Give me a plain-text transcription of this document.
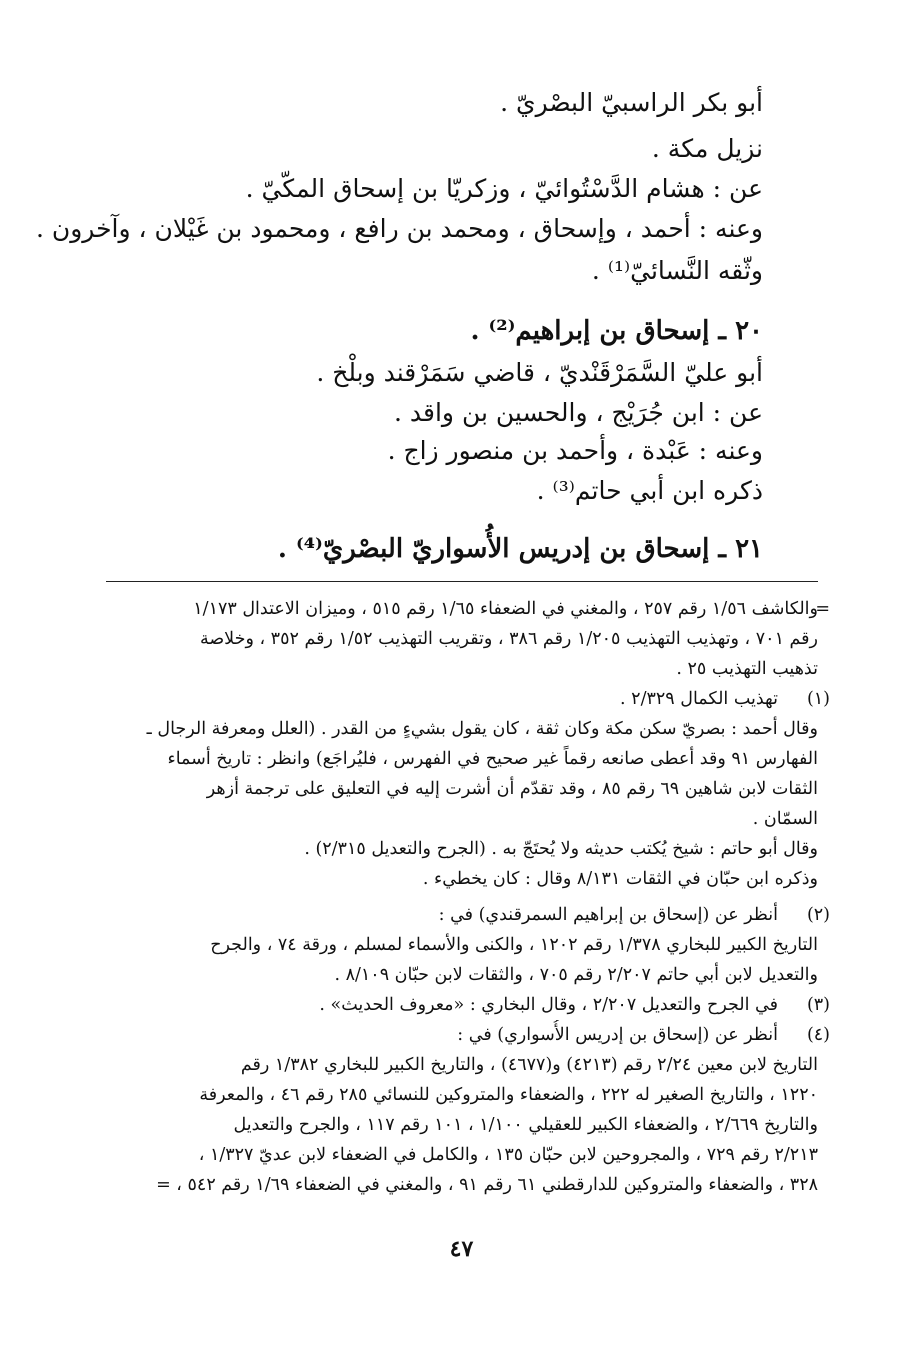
أبو بكر الراسبيّ البصْريّ .
نزيل مكة .
عن : هشام الدَّسْتُوائيّ ، وزكريّا بن إسحاق المكّيّ .
وعنه : أحمد ، وإسحاق ، ومحمد بن رافع ، ومحمود بن غَيْلان ، وآخرون .
وثّقه النَّسائيّ⁽¹⁾ .
٢٠ ـ إسحاق بن إبراهيم⁽²⁾ .
أبو عليّ السَّمَرْقَنْديّ ، قاضي سَمَرْقند وبلْخ .
عن : ابن جُرَيْج ، والحسين بن واقد .
وعنه : عَبْدة ، وأحمد بن منصور زاج .
ذكره ابن أبي حاتم⁽³⁾ .
٢١ ـ إسحاق بن إدريس الأُسواريّ البصْريّ⁽⁴⁾ .
=
والكاشف ١/٥٦ رقم ٢٥٧ ، والمغني في الضعفاء ١/٦٥ رقم ٥١٥ ، وميزان الاعتدال ١/١٧٣
رقم ٧٠١ ، وتهذيب التهذيب ١/٢٠٥ رقم ٣٨٦ ، وتقريب التهذيب ١/٥٢ رقم ٣٥٢ ، وخلاصة
تذهيب التهذيب ٢٥ .
(١)
تهذيب الكمال ٢/٣٢٩ .
وقال أحمد : بصريّ سكن مكة وكان ثقة ، كان يقول بشيءٍ من القدر . (العلل ومعرفة الرجال ـ
الفهارس ٩١ وقد أعطى صانعه رقماً غير صحيح في الفهرس ، فليُراجَع) وانظر : تاريخ أسماء
الثقات لابن شاهين ٦٩ رقم ٨٥ ، وقد تقدّم أن أشرت إليه في التعليق على ترجمة أزهر
السمّان .
وقال أبو حاتم : شيخ يُكتب حديثه ولا يُحتَجّ به . (الجرح والتعديل ٢/٣١٥) .
وذكره ابن حبّان في الثقات ٨/١٣١ وقال : كان يخطيء .
(٢)
أنظر عن (إسحاق بن إبراهيم السمرقندي) في :
التاريخ الكبير للبخاري ١/٣٧٨ رقم ١٢٠٢ ، والكنى والأسماء لمسلم ، ورقة ٧٤ ، والجرح
والتعديل لابن أبي حاتم ٢/٢٠٧ رقم ٧٠٥ ، والثقات لابن حبّان ٨/١٠٩ .
(٣)
في الجرح والتعديل ٢/٢٠٧ ، وقال البخاري : «معروف الحديث» .
(٤)
أنظر عن (إسحاق بن إدريس الأُسواري) في :
التاريخ لابن معين ٢/٢٤ رقم (٤٢١٣) و(٤٦٧٧) ، والتاريخ الكبير للبخاري ١/٣٨٢ رقم
١٢٢٠ ، والتاريخ الصغير له ٢٢٢ ، والضعفاء والمتروكين للنسائي ٢٨٥ رقم ٤٦ ، والمعرفة
والتاريخ ٢/٦٦٩ ، والضعفاء الكبير للعقيلي ١/١٠٠ ، ١٠١ رقم ١١٧ ، والجرح والتعديل
٢/٢١٣ رقم ٧٢٩ ، والمجروحين لابن حبّان ١٣٥ ، والكامل في الضعفاء لابن عديّ ١/٣٢٧ ،
٣٢٨ ، والضعفاء والمتروكين للدارقطني ٦١ رقم ٩١ ، والمغني في الضعفاء ١/٦٩ رقم ٥٤٢ ، =
٤٧
